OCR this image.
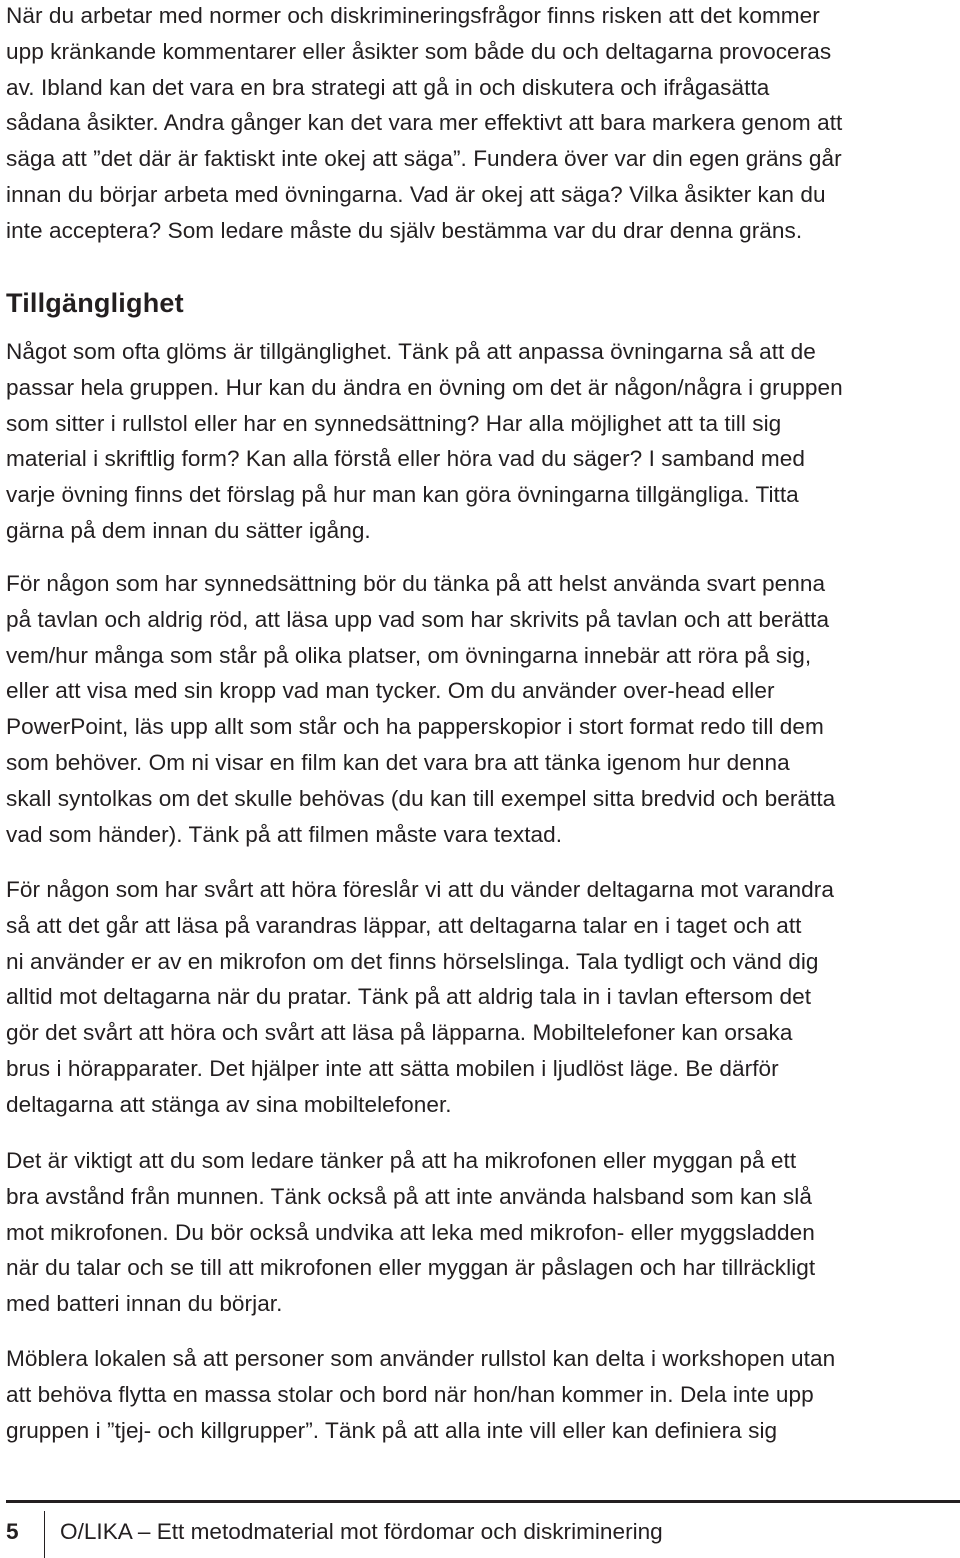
När du arbetar med normer och diskrimineringsfrågor finns risken att det kommer
upp kränkande kommentarer eller åsikter som både du och deltagarna provoceras
av. Ibland kan det vara en bra strategi att gå in och diskutera och ifrågasätta
sådana åsikter. Andra gånger kan det vara mer effektivt att bara markera genom att
säga att ”det där är faktiskt inte okej att säga”. Fundera över var din egen gräns går
innan du börjar arbeta med övningarna. Vad är okej att säga? Vilka åsikter kan du
inte acceptera? Som ledare måste du själv bestämma var du drar denna gräns.

Tillgänglighet

Något som ofta glöms är tillgänglighet. Tänk på att anpassa övningarna så att de
passar hela gruppen. Hur kan du ändra en övning om det är någon/några i gruppen
som sitter i rullstol eller har en synnedsättning? Har alla möjlighet att ta till sig
material i skriftlig form? Kan alla förstå eller höra vad du säger? I samband med
varje övning finns det förslag på hur man kan göra övningarna tillgängliga. Titta
gärna på dem innan du sätter igång.

För någon som har synnedsättning bör du tänka på att helst använda svart penna
på tavlan och aldrig röd, att läsa upp vad som har skrivits på tavlan och att berätta
vem/hur många som står på olika platser, om övningarna innebär att röra på sig,
eller att visa med sin kropp vad man tycker. Om du använder over-head eller
PowerPoint, läs upp allt som står och ha papperskopior i stort format redo till dem
som behöver. Om ni visar en film kan det vara bra att tänka igenom hur denna
skall syntolkas om det skulle behövas (du kan till exempel sitta bredvid och berätta
vad som händer). Tänk på att filmen måste vara textad.

För någon som har svårt att höra föreslår vi att du vänder deltagarna mot varandra
så att det går att läsa på varandras läppar, att deltagarna talar en i taget och att
ni använder er av en mikrofon om det finns hörselslinga. Tala tydligt och vänd dig
alltid mot deltagarna när du pratar. Tänk på att aldrig tala in i tavlan eftersom det
gör det svårt att höra och svårt att läsa på läpparna. Mobiltelefoner kan orsaka
brus i hörapparater. Det hjälper inte att sätta mobilen i ljudlöst läge. Be därför
deltagarna att stänga av sina mobiltelefoner.

Det är viktigt att du som ledare tänker på att ha mikrofonen eller myggan på ett
bra avstånd från munnen. Tänk också på att inte använda halsband som kan slå
mot mikrofonen. Du bör också undvika att leka med mikrofon- eller myggsladden
när du talar och se till att mikrofonen eller myggan är påslagen och har tillräckligt
med batteri innan du börjar.

Möblera lokalen så att personer som använder rullstol kan delta i workshopen utan
att behöva flytta en massa stolar och bord när hon/han kommer in. Dela inte upp
gruppen i ”tjej- och killgrupper”. Tänk på att alla inte vill eller kan definiera sig

5 O/LIKA – Ett metodmaterial mot fördomar och diskriminering
